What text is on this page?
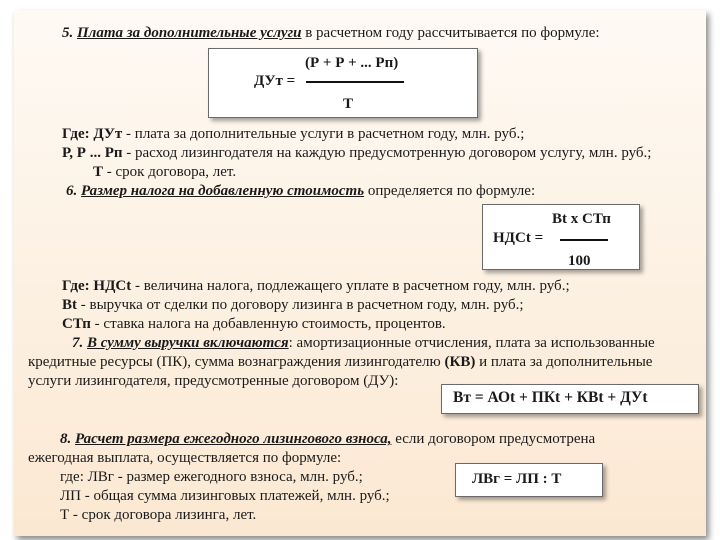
5. Плата за дополнительные услуги в расчетном году рассчитывается по формуле:
(Р + Р + ... Рп)
ДУт =
Т
Где: ДУт - плата за дополнительные услуги в расчетном году, млн. руб.;
Р, Р ... Рп - расход лизингодателя на каждую предусмотренную договором услугу, млн. руб.;
Т - срок договора, лет.
6. Размер налога на добавленную стоимость определяется по формуле:
Вt x СТп
НДСt =
100
Где: НДСt - величина налога, подлежащего уплате в расчетном году, млн. руб.;
Вt - выручка от сделки по договору лизинга в расчетном году, млн. руб.;
СТп - ставка налога на добавленную стоимость, процентов.
7. В сумму выручки включаются: амортизационные отчисления, плата за использованные
кредитные ресурсы (ПК), сумма вознаграждения лизингодателю (КВ) и плата за дополнительные
услуги лизингодателя, предусмотренные договором (ДУ):
Вт = АОt + ПКt + КВt + ДУt
8. Расчет размера ежегодного лизингового взноса, если договором предусмотрена
ежегодная выплата, осуществляется по формуле:
где: ЛВг - размер ежегодного взноса, млн. руб.;
ЛП - общая сумма лизинговых платежей, млн. руб.;
Т - срок договора лизинга, лет.
ЛВг = ЛП : Т
